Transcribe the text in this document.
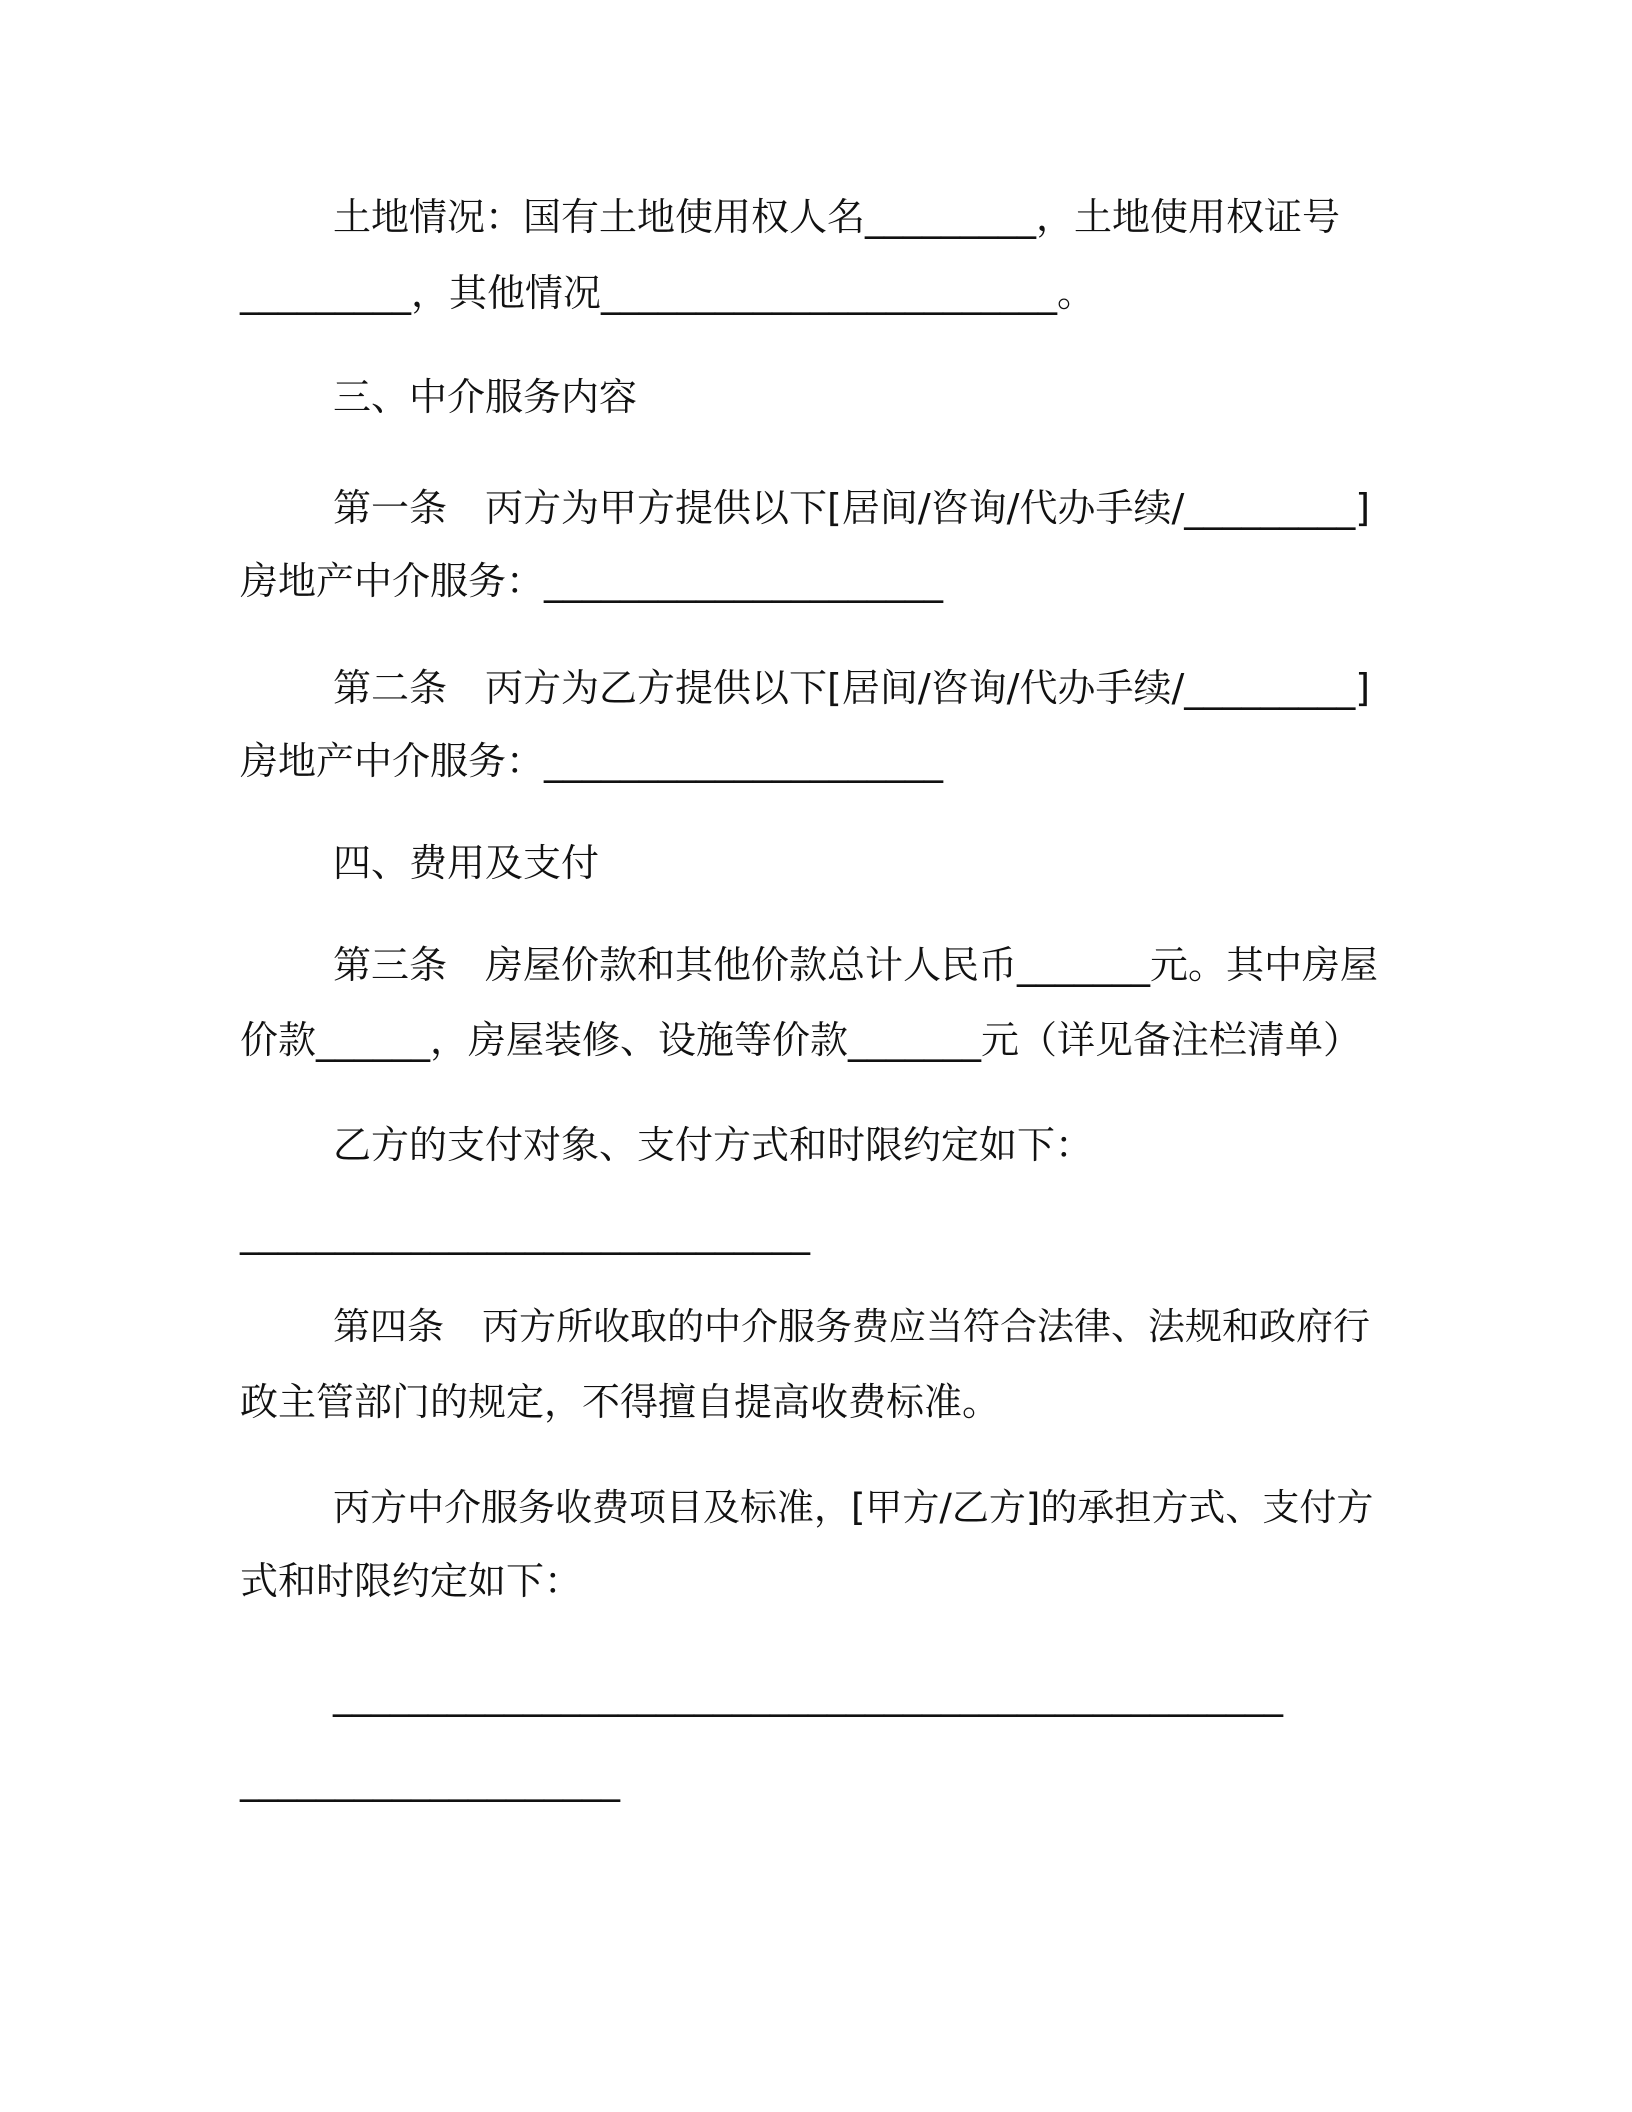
土地情况：国有土地使用权人名_________，土地使用权证号
_________，其他情况________________________。
三、中介服务内容
第一条 丙方为甲方提供以下[居间/咨询/代办手续/_________]
房地产中介服务：_____________________
第二条 丙方为乙方提供以下[居间/咨询/代办手续/_________]
房地产中介服务：_____________________
四、费用及支付
第三条 房屋价款和其他价款总计人民币_______元。其中房屋
价款______，房屋装修、设施等价款_______元（详见备注栏清单）
乙方的支付对象、支付方式和时限约定如下：
______________________________
第四条 丙方所收取的中介服务费应当符合法律、法规和政府行
政主管部门的规定，不得擅自提高收费标准。
丙方中介服务收费项目及标准，[甲方/乙方]的承担方式、支付方
式和时限约定如下：
__________________________________________________
____________________
